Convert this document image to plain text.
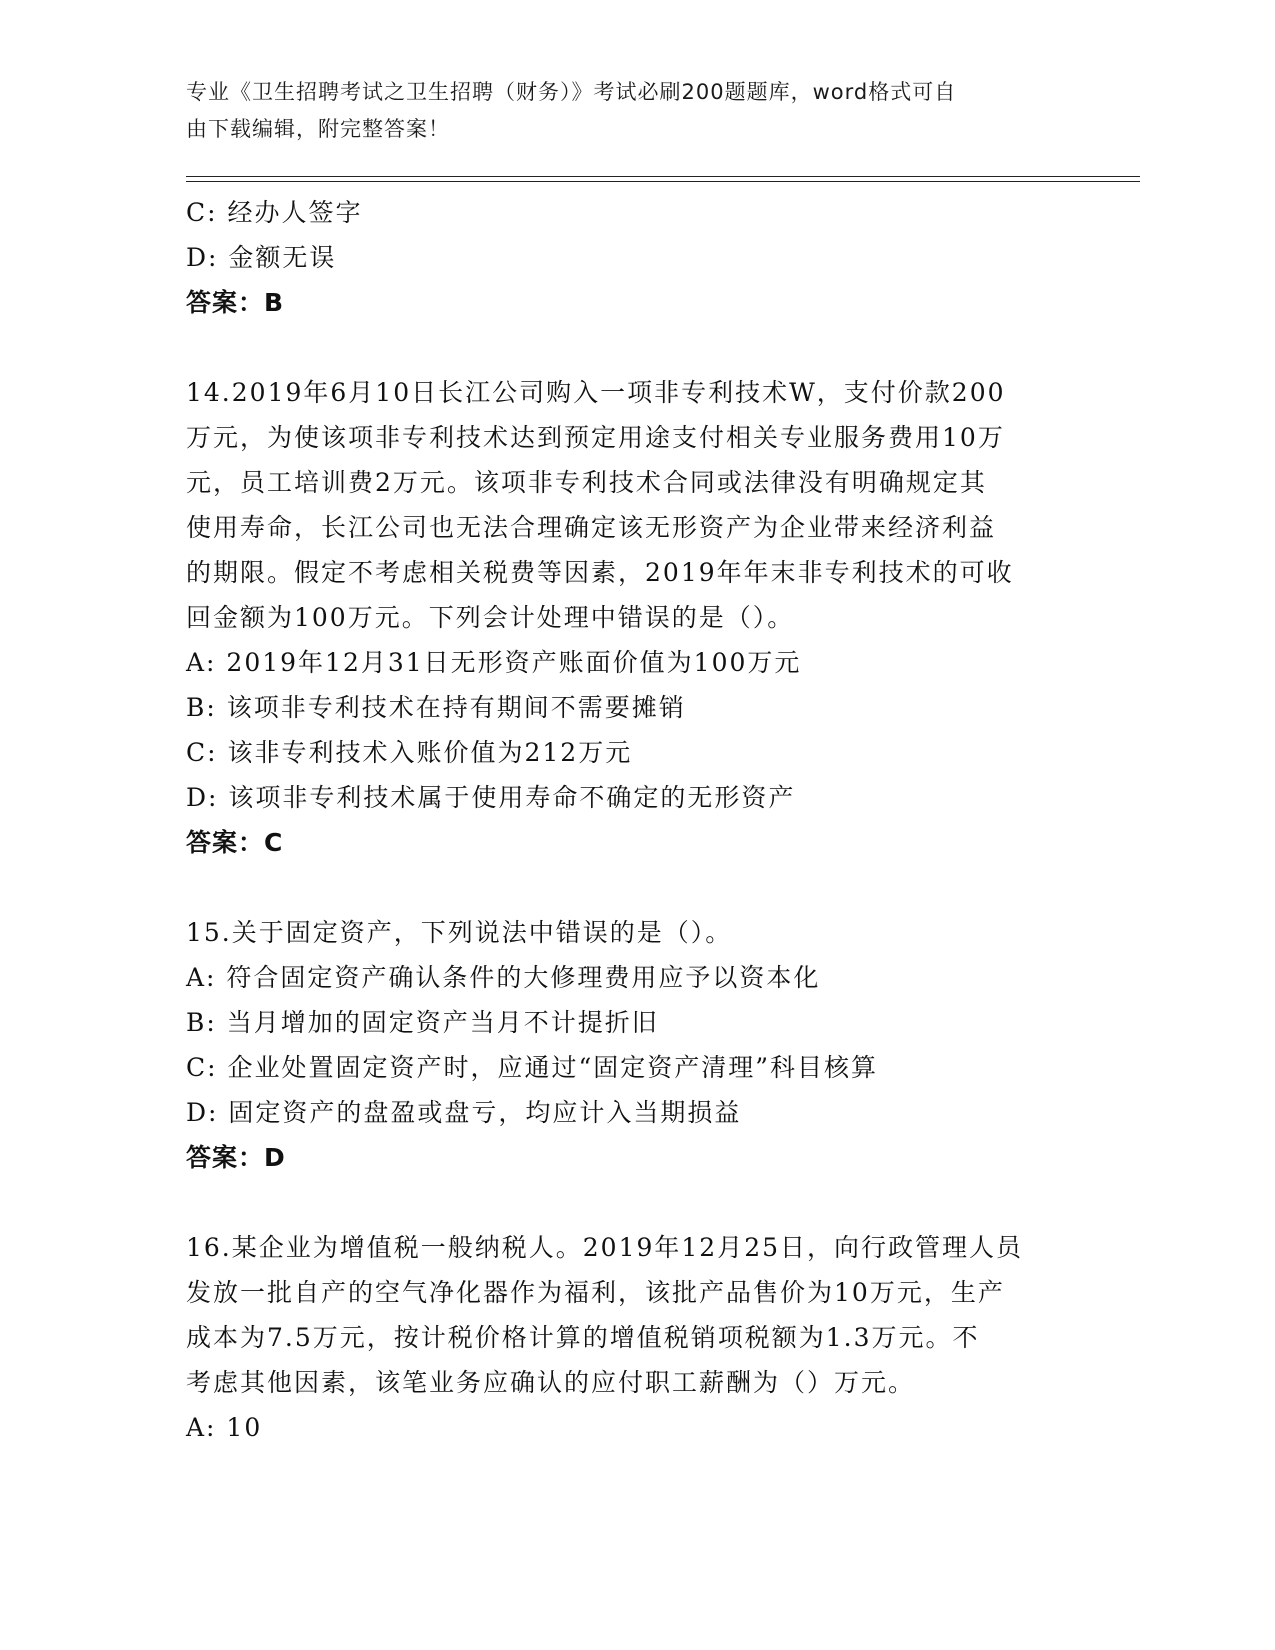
专业《卫生招聘考试之卫生招聘（财务）》考试必刷200题题库，word格式可自
由下载编辑，附完整答案！

C: 经办人签字

D: 金额无误

答案：B

14.2019年6月10日长江公司购入一项非专利技术W，支付价款200

万元，为使该项非专利技术达到预定用途支付相关专业服务费用10万

元，员工培训费2万元。该项非专利技术合同或法律没有明确规定其

使用寿命，长江公司也无法合理确定该无形资产为企业带来经济利益

的期限。假定不考虑相关税费等因素，2019年年末非专利技术的可收

回金额为100万元。下列会计处理中错误的是（）。

A: 2019年12月31日无形资产账面价值为100万元

B: 该项非专利技术在持有期间不需要摊销

C: 该非专利技术入账价值为212万元

D: 该项非专利技术属于使用寿命不确定的无形资产

答案：C

15.关于固定资产，下列说法中错误的是（）。

A: 符合固定资产确认条件的大修理费用应予以资本化

B: 当月增加的固定资产当月不计提折旧

C: 企业处置固定资产时，应通过“固定资产清理”科目核算

D: 固定资产的盘盈或盘亏，均应计入当期损益

答案：D

16.某企业为增值税一般纳税人。2019年12月25日，向行政管理人员

发放一批自产的空气净化器作为福利，该批产品售价为10万元，生产

成本为7.5万元，按计税价格计算的增值税销项税额为1.3万元。不

考虑其他因素，该笔业务应确认的应付职工薪酬为（）万元。

A: 10
